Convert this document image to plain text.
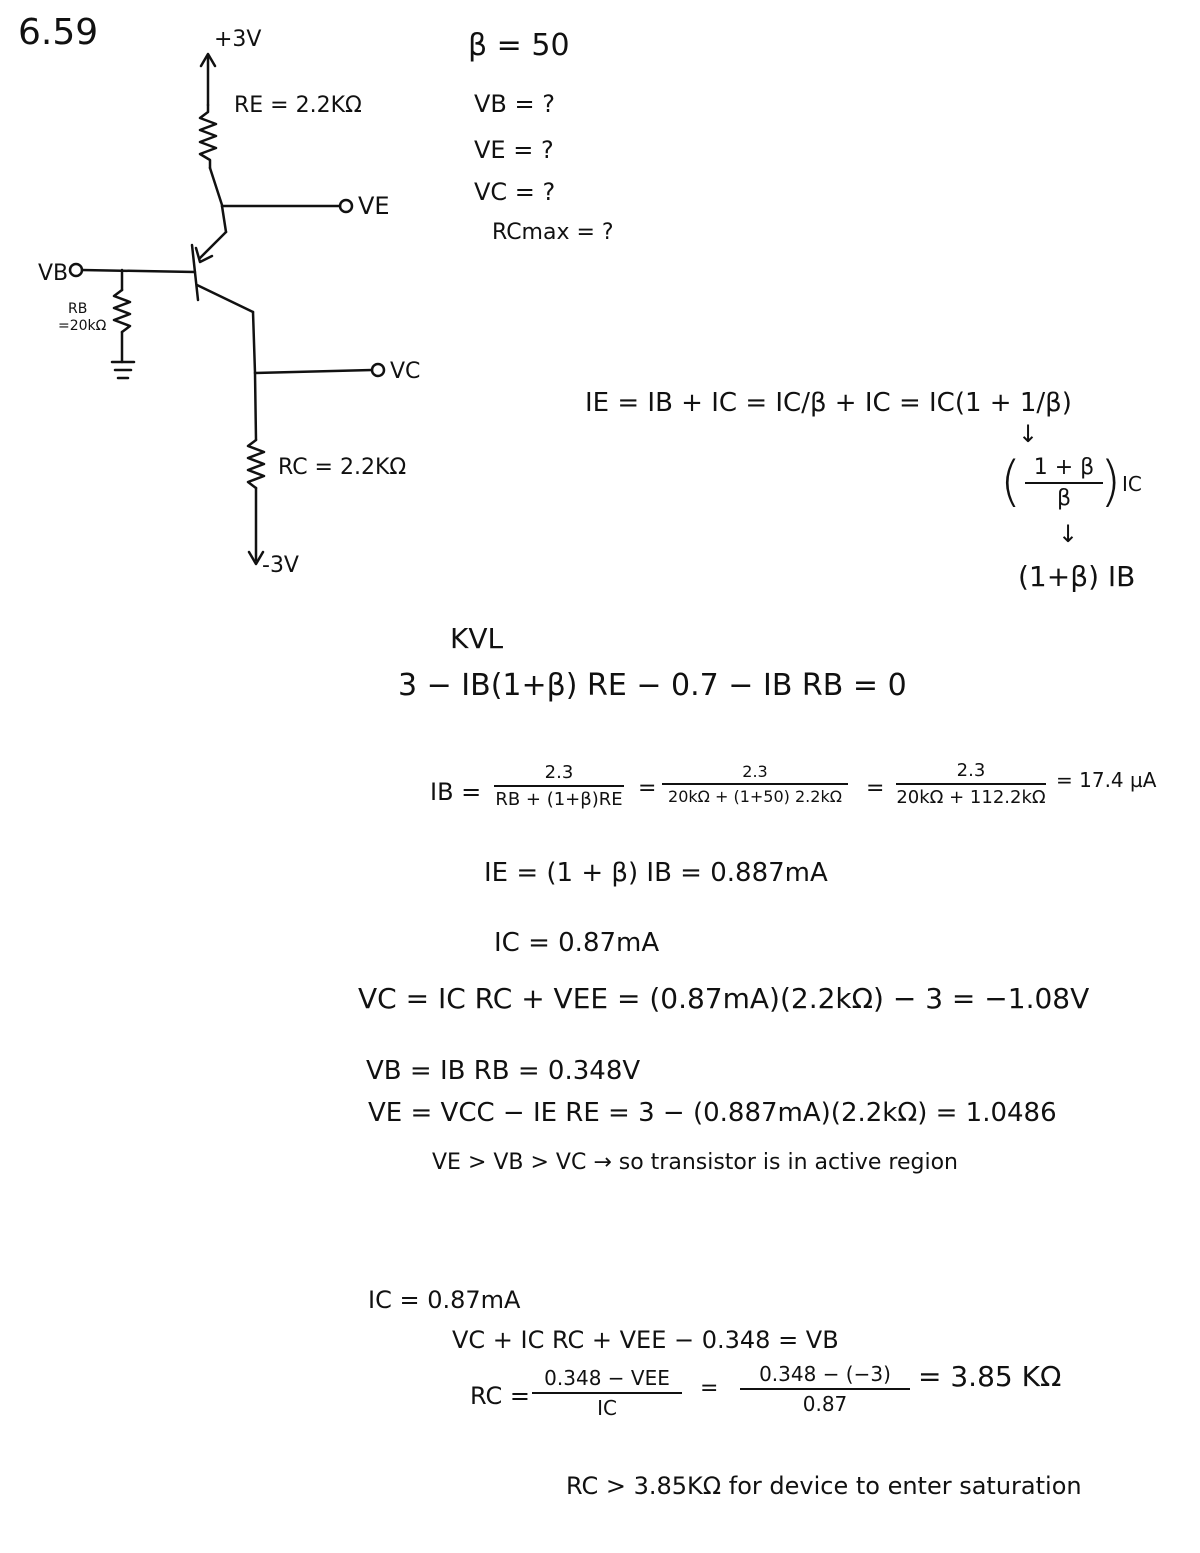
6.59	+3V
RE = 2.2KΩ
VE
VB
RB
=20kΩ
VC
RC = 2.2KΩ
-3V
β = 50
VB = ?
VE = ?
VC = ?
RCmax = ?
IE = IB + IC = IC/β + IC = IC(1 + 1/β)
↓
( $\frac{1 + \beta}{\beta}$
) IC
↓
(1+β) IB
KVL
3 − IB(1+β) RE − 0.7 − IB RB = 0
IB = $\frac{2.3}{RB + (1+\beta)RE} = \frac{2.3}{20k\Omega + (1+50) 2.2k\Omega} = \frac{2.3}{20k\Omega + 112.2k\Omega} = 17.4$ µA
IE = (1 + β) IB = 0.887mA
IC = 0.87mA
VC = IC RC + VEE = (0.87mA)(2.2kΩ) − 3 = −1.08V
VB = IB RB = 0.348V
VE = VCC − IE RE = 3 − (0.887mA)(2.2kΩ) = 1.0486
VE > VB > VC → so transistor is in active region
IC = 0.87mA
VC + IC RC + VEE − 0.348 = VB
RC =
0.348 − VEE
IC
= $\frac{0.348 - (-3)}{0.87} = 3.85$ KΩ
RC > 3.85KΩ for device to enter saturation
